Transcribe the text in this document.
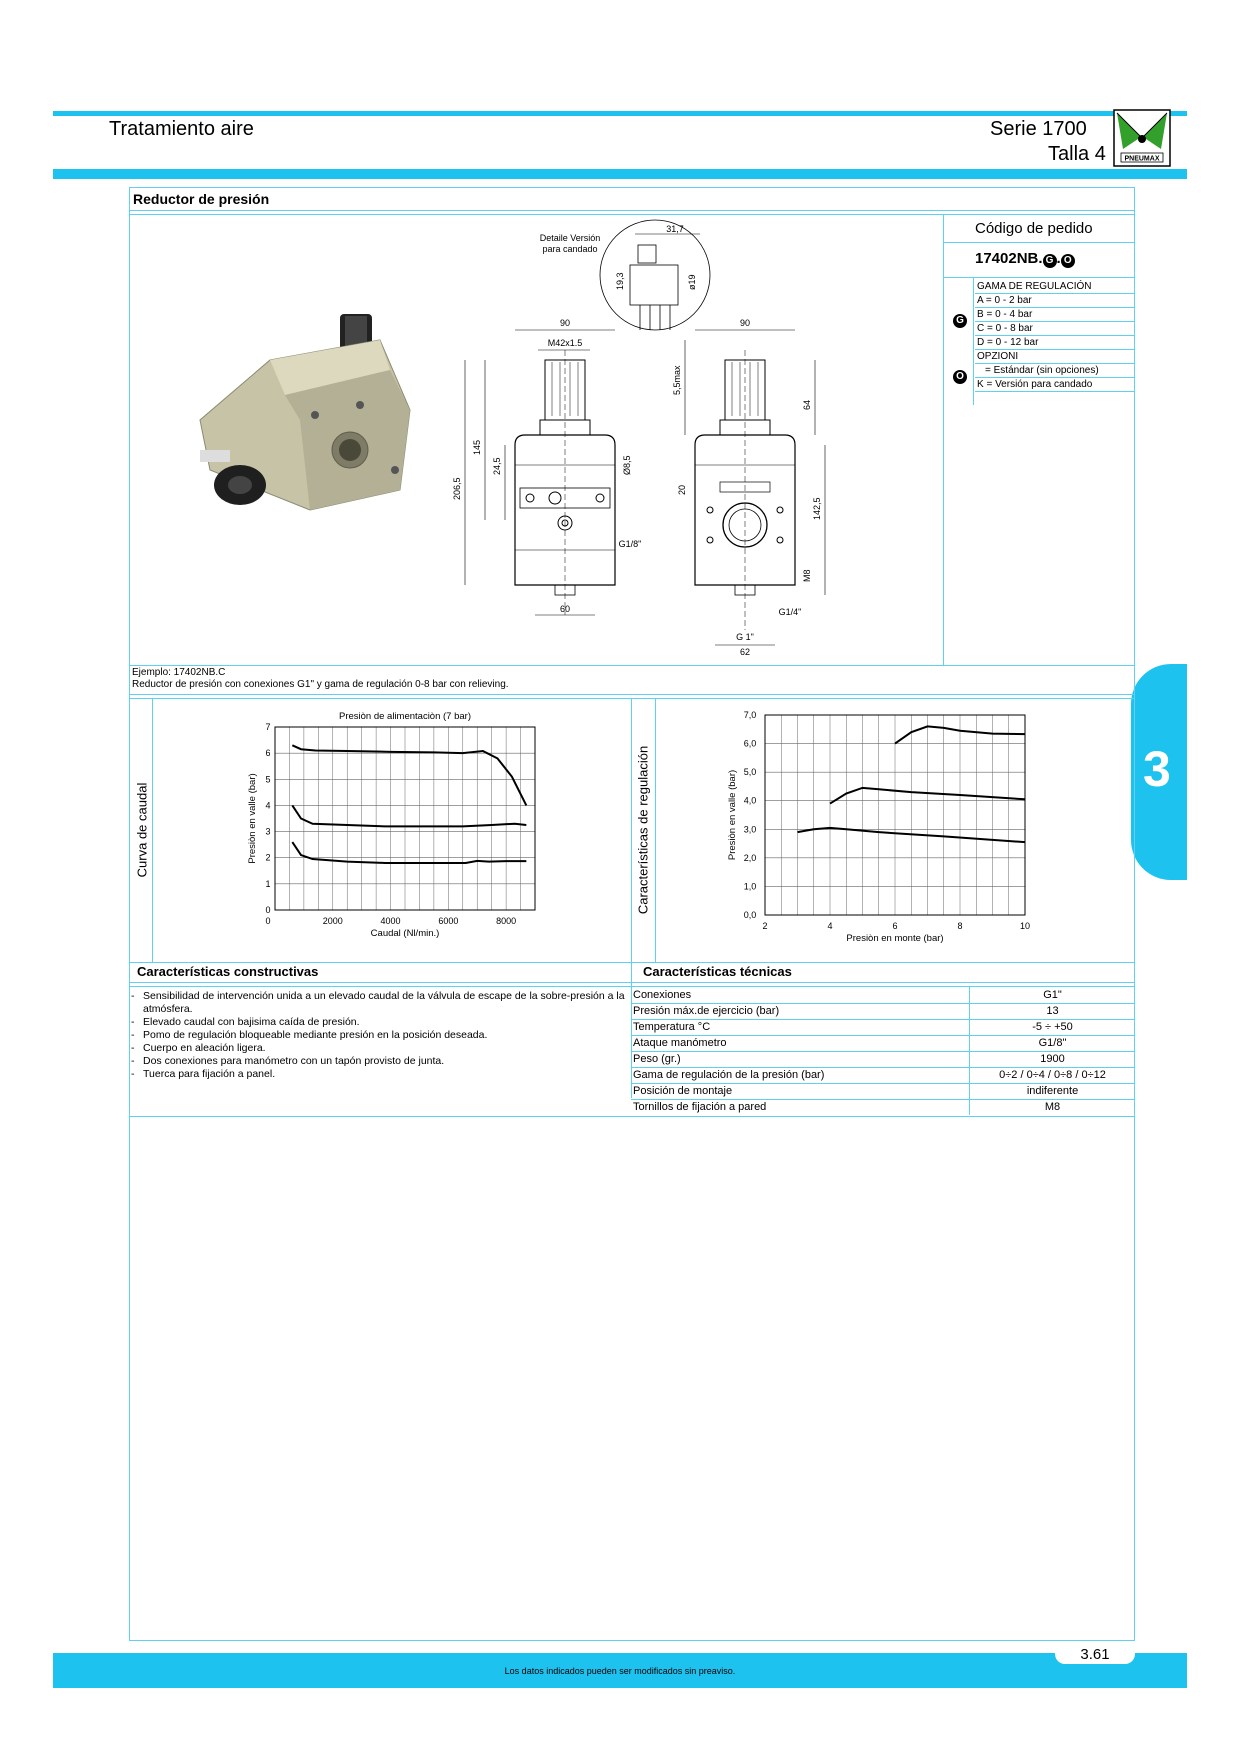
Tratamiento aire	Serie 1700
Talla 4	PNEUMAX
3
Reductor de presión
Detaile Versión
para candado
31,7
19,3	ø19
90
M42x1.5
206,5
145
24,5	Ø8,5
G1/8"
60
90
5,5max
20
64
142,5
M8
G1/4"
G 1"
62
Código de pedido
17402NB. G . O
GAMA DE REGULACIÓN
A = 0 - 2 bar
B = 0 - 4 bar
C = 0 - 8 bar
D = 0 - 12 bar
OPZIONI
= Estándar (sin opciones)
K = Versión para candado
G
O
Ejemplo: 17402NB.C
Reductor de presión con conexiones G1" y gama de regulación 0-8 bar con relieving.
Curva de caudal	Características de regulación
0
1
2
3
4
5
6
7
2000	4000	6000	8000
0
Presiòn de alimentaciòn (7 bar)
Caudal (Nl/min.)
Presiòn en valle (bar)
0,0
1,0
2,0
3,0
4,0
5,0
6,0
7,0
2	4	6	8	10
Presiòn en monte (bar)
Presiòn en valle (bar)
Características constructivas	Características técnicas
- Sensibilidad de intervención unida a un elevado caudal de la válvula de escape de la sobre-presión a la atmósfera.
- Elevado caudal con bajisima caída de presión.
- Pomo de regulación bloqueable mediante presión en la posición deseada.
- Cuerpo en aleación ligera.
- Dos conexiones para manómetro con un tapón provisto de junta.
- Tuerca para fijación a panel.
Conexiones	G1"
Presión máx.de ejercicio (bar)	13
Temperatura °C	-5 ÷ +50
Ataque manómetro	G1/8"
Peso (gr.)	1900
Gama de regulación de la presión (bar)	0÷2 / 0÷4 / 0÷8 / 0÷12
Posición de montaje	indiferente
Tornillos de fijación a pared	M8
Los datos indicados pueden ser modificados sin preaviso.
3.61
